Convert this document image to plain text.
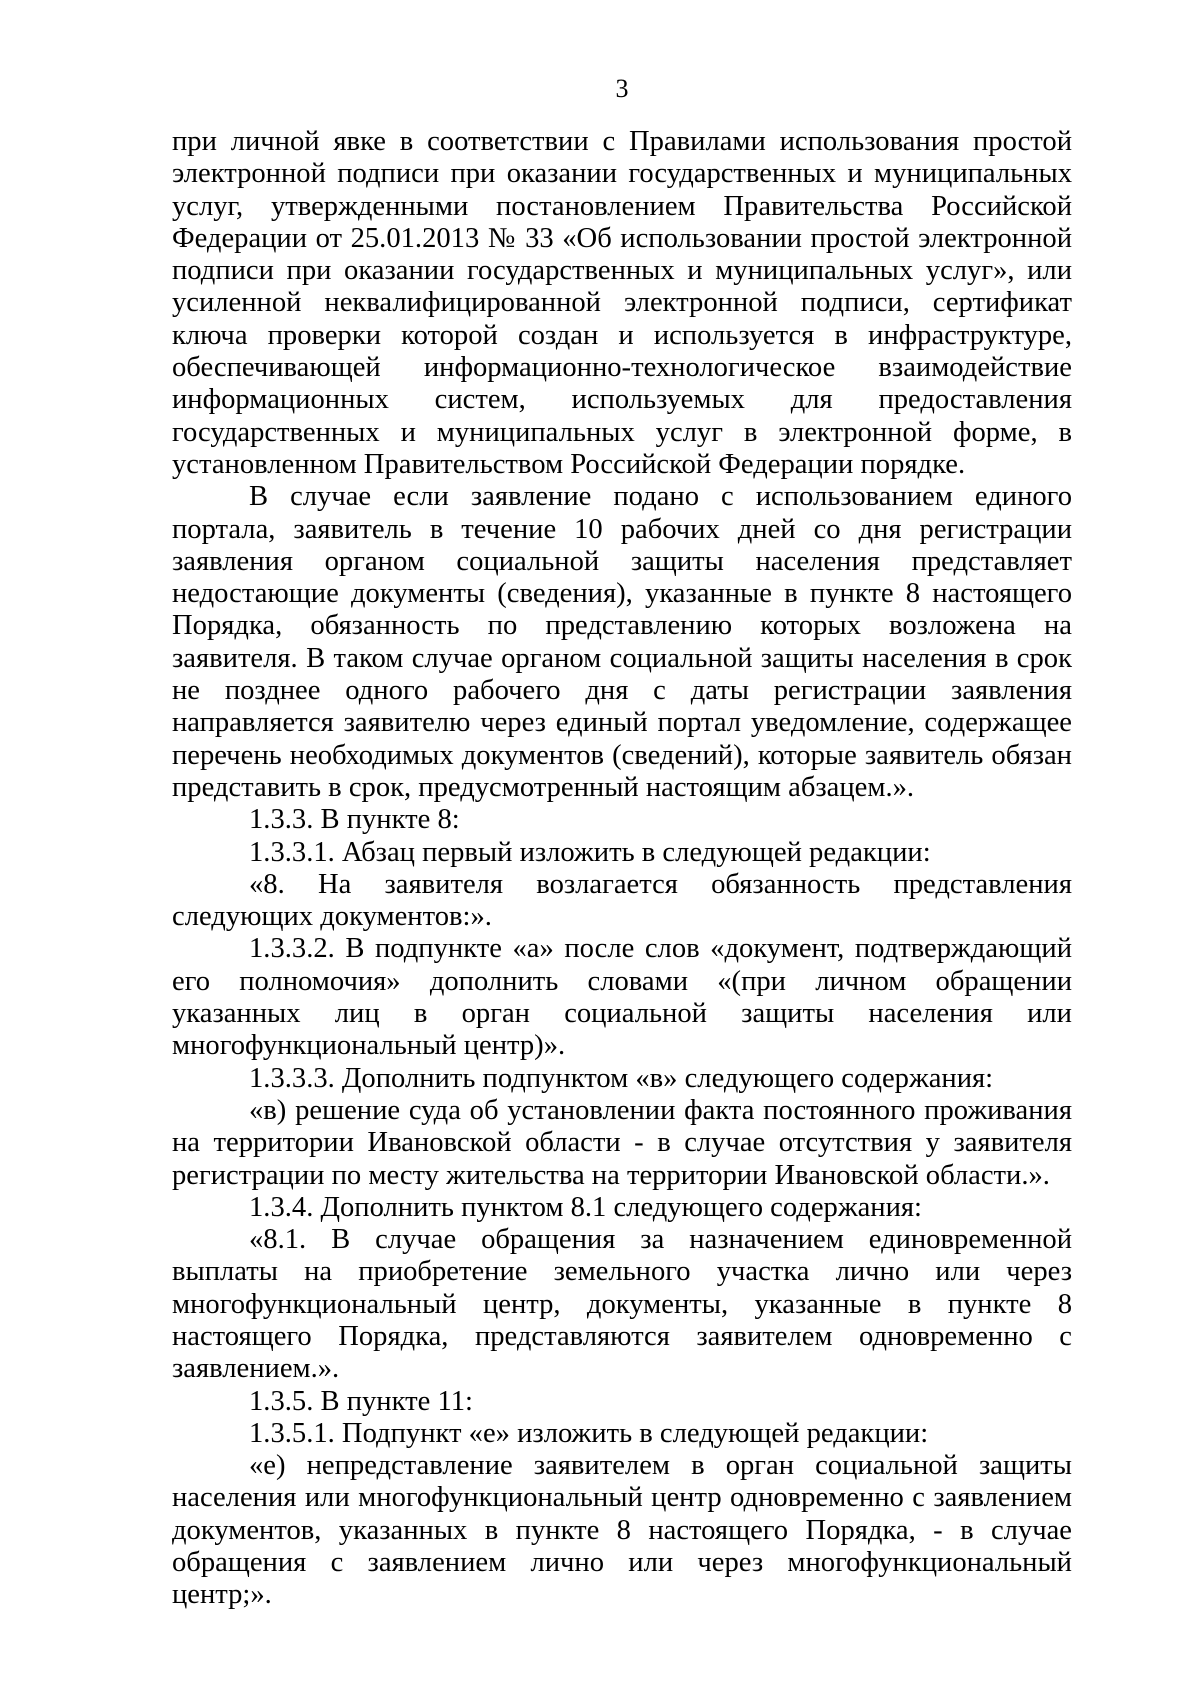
3

при личной явке в соответствии с Правилами использования простой электронной подписи при оказании государственных и муниципальных услуг, утвержденными постановлением Правительства Российской Федерации от 25.01.2013 № 33 «Об использовании простой электронной подписи при оказании государственных и муниципальных услуг», или усиленной неквалифицированной электронной подписи, сертификат ключа проверки которой создан и используется в инфраструктуре, обеспечивающей информационно-технологическое взаимодействие информационных систем, используемых для предоставления государственных и муниципальных услуг в электронной форме, в установленном Правительством Российской Федерации порядке.

В случае если заявление подано с использованием единого портала, заявитель в течение 10 рабочих дней со дня регистрации заявления органом социальной защиты населения представляет недостающие документы (сведения), указанные в пункте 8 настоящего Порядка, обязанность по представлению которых возложена на заявителя. В таком случае органом социальной защиты населения в срок не позднее одного рабочего дня с даты регистрации заявления направляется заявителю через единый портал уведомление, содержащее перечень необходимых документов (сведений), которые заявитель обязан представить в срок, предусмотренный настоящим абзацем.».

1.3.3. В пункте 8:

1.3.3.1. Абзац первый изложить в следующей редакции:

«8. На заявителя возлагается обязанность представления следующих документов:».

1.3.3.2. В подпункте «а» после слов «документ, подтверждающий его полномочия» дополнить словами «(при личном обращении указанных лиц в орган социальной защиты населения или многофункциональный центр)».

1.3.3.3. Дополнить подпунктом «в» следующего содержания:

«в) решение суда об установлении факта постоянного проживания на территории Ивановской области - в случае отсутствия у заявителя регистрации по месту жительства на территории Ивановской области.».

1.3.4. Дополнить пунктом 8.1 следующего содержания:

«8.1. В случае обращения за назначением единовременной выплаты на приобретение земельного участка лично или через многофункциональный центр, документы, указанные в пункте 8 настоящего Порядка, представляются заявителем одновременно с заявлением.».

1.3.5. В пункте 11:

1.3.5.1. Подпункт «е» изложить в следующей редакции:

«е) непредставление заявителем в орган социальной защиты населения или многофункциональный центр одновременно с заявлением документов, указанных в пункте 8 настоящего Порядка, - в случае обращения с заявлением лично или через многофункциональный центр;».
